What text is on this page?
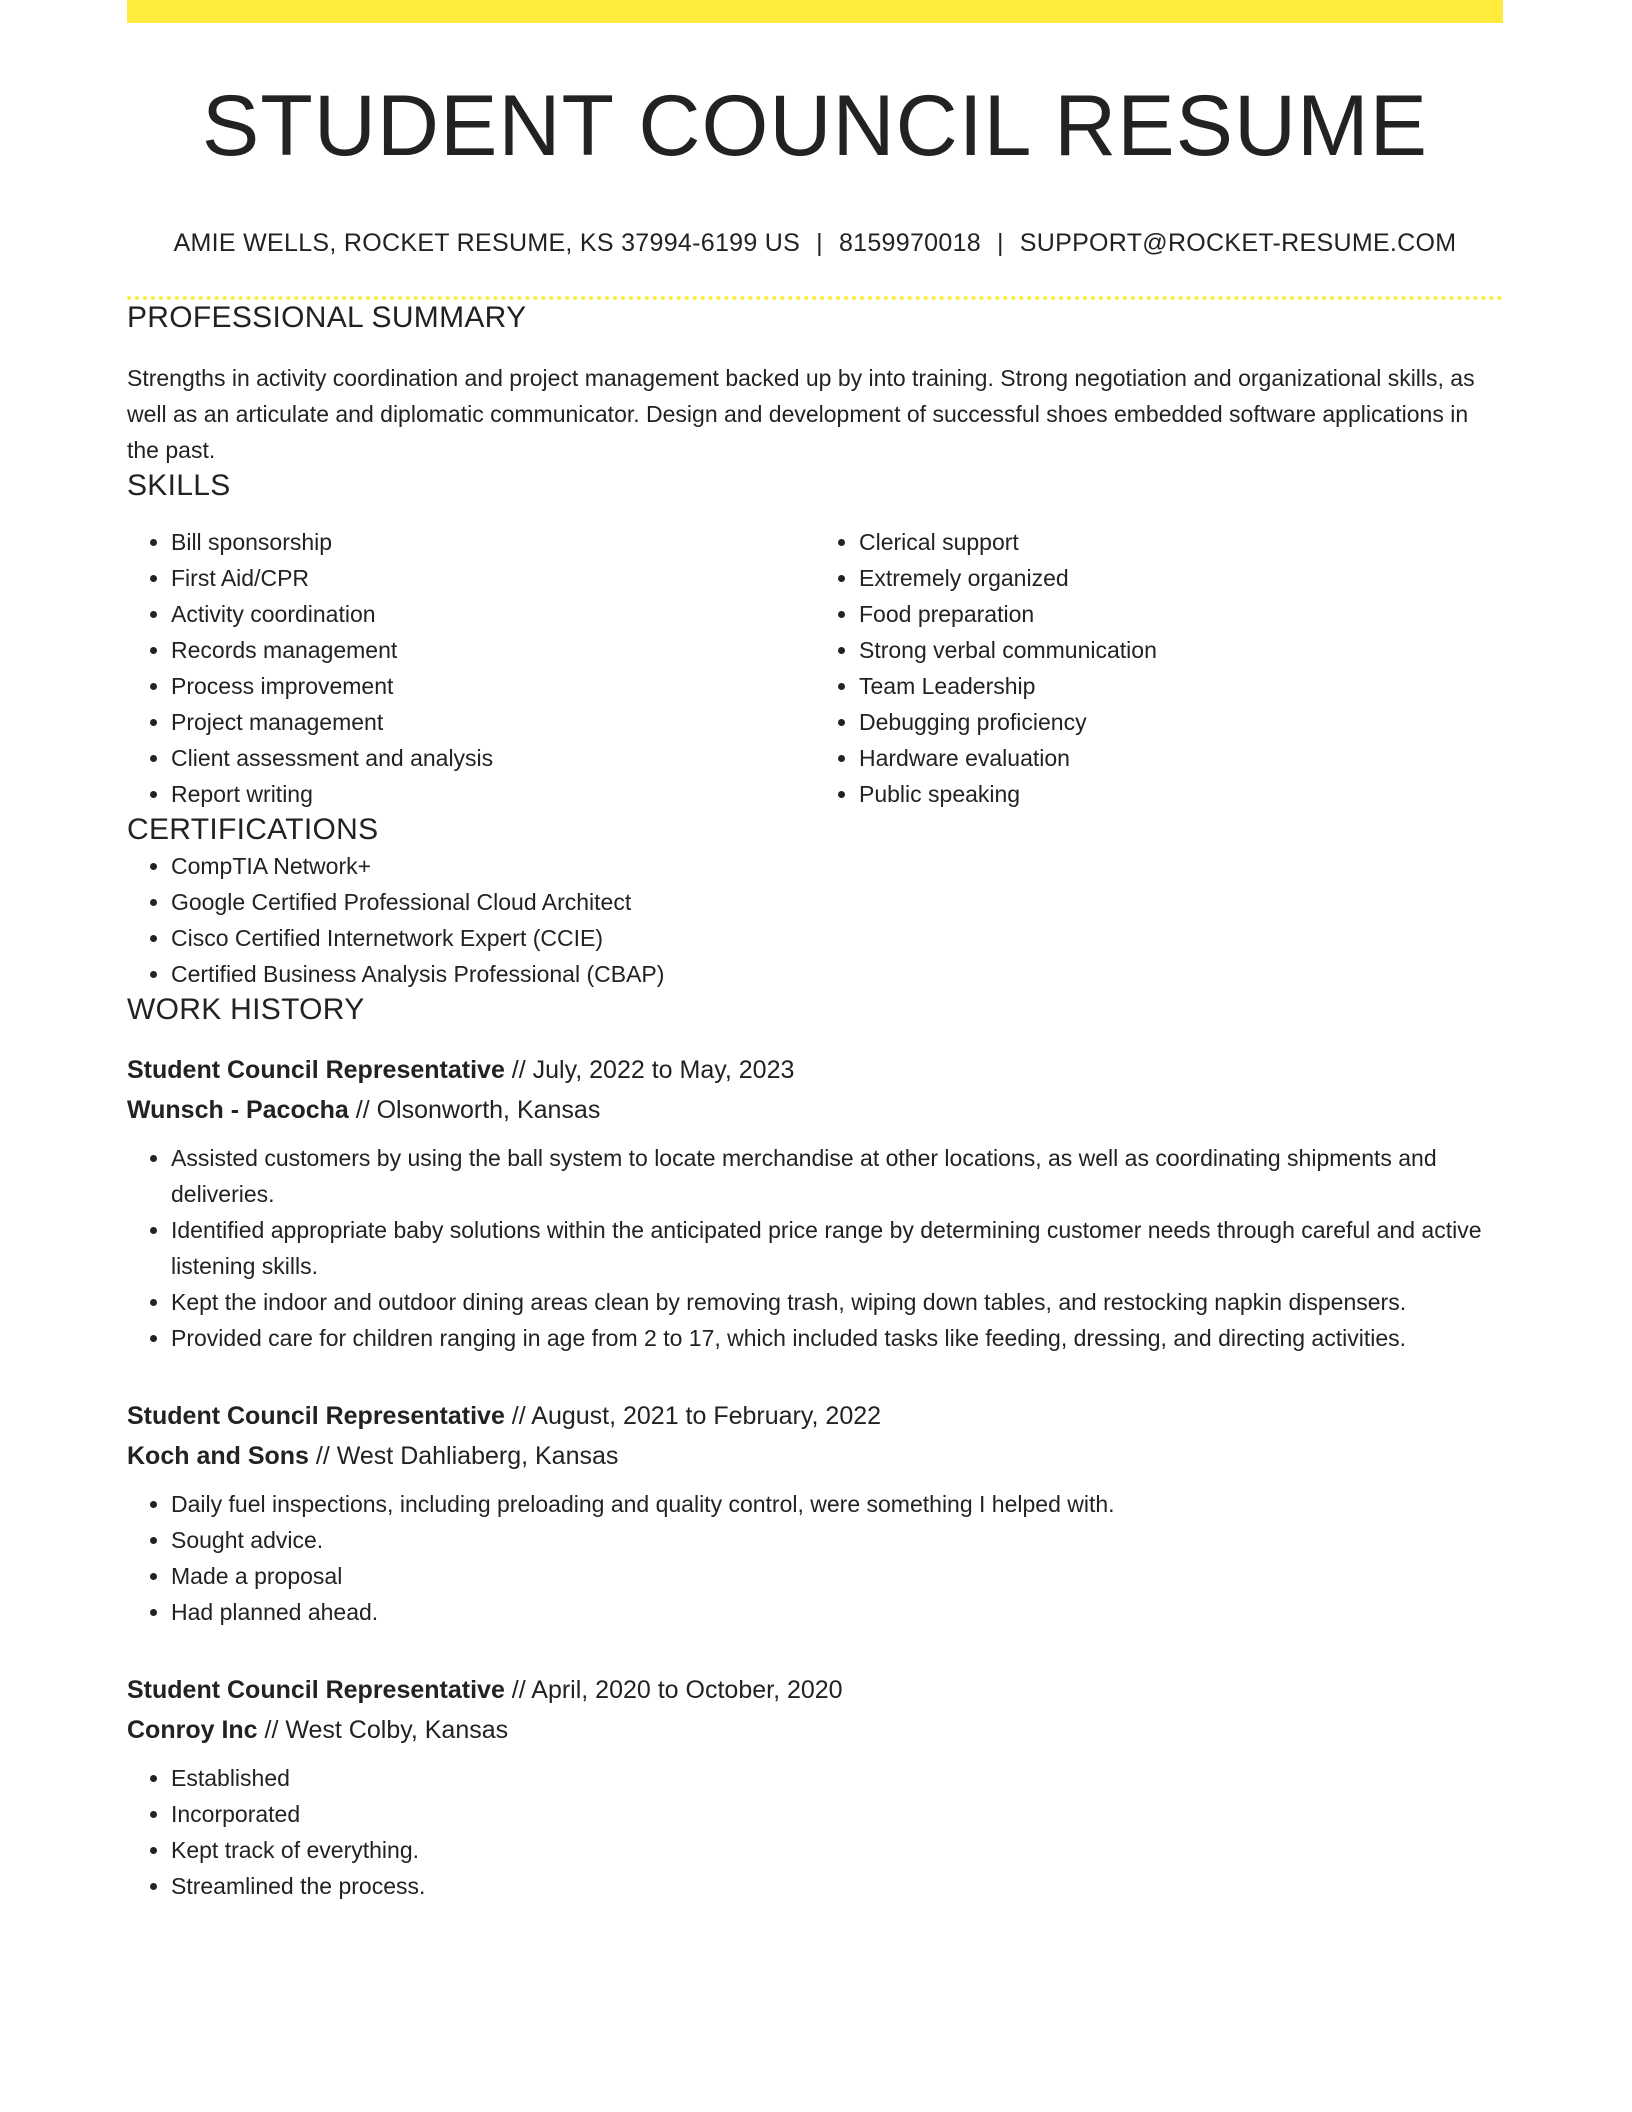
STUDENT COUNCIL RESUME
AMIE WELLS, ROCKET RESUME, KS 37994-6199 US | 8159970018 | SUPPORT@ROCKET-RESUME.COM
PROFESSIONAL SUMMARY
Strengths in activity coordination and project management backed up by into training. Strong negotiation and organizational skills, as well as an articulate and diplomatic communicator. Design and development of successful shoes embedded software applications in the past.
SKILLS
• Bill sponsorship
• First Aid/CPR
• Activity coordination
• Records management
• Process improvement
• Project management
• Client assessment and analysis
• Report writing
• Clerical support
• Extremely organized
• Food preparation
• Strong verbal communication
• Team Leadership
• Debugging proficiency
• Hardware evaluation
• Public speaking
CERTIFICATIONS
• CompTIA Network+
• Google Certified Professional Cloud Architect
• Cisco Certified Internetwork Expert (CCIE)
• Certified Business Analysis Professional (CBAP)
WORK HISTORY
Student Council Representative // July, 2022 to May, 2023
Wunsch - Pacocha // Olsonworth, Kansas
• Assisted customers by using the ball system to locate merchandise at other locations, as well as coordinating shipments and deliveries.
• Identified appropriate baby solutions within the anticipated price range by determining customer needs through careful and active listening skills.
• Kept the indoor and outdoor dining areas clean by removing trash, wiping down tables, and restocking napkin dispensers.
• Provided care for children ranging in age from 2 to 17, which included tasks like feeding, dressing, and directing activities.
Student Council Representative // August, 2021 to February, 2022
Koch and Sons // West Dahliaberg, Kansas
• Daily fuel inspections, including preloading and quality control, were something I helped with.
• Sought advice.
• Made a proposal
• Had planned ahead.
Student Council Representative // April, 2020 to October, 2020
Conroy Inc // West Colby, Kansas
• Established
• Incorporated
• Kept track of everything.
• Streamlined the process.
